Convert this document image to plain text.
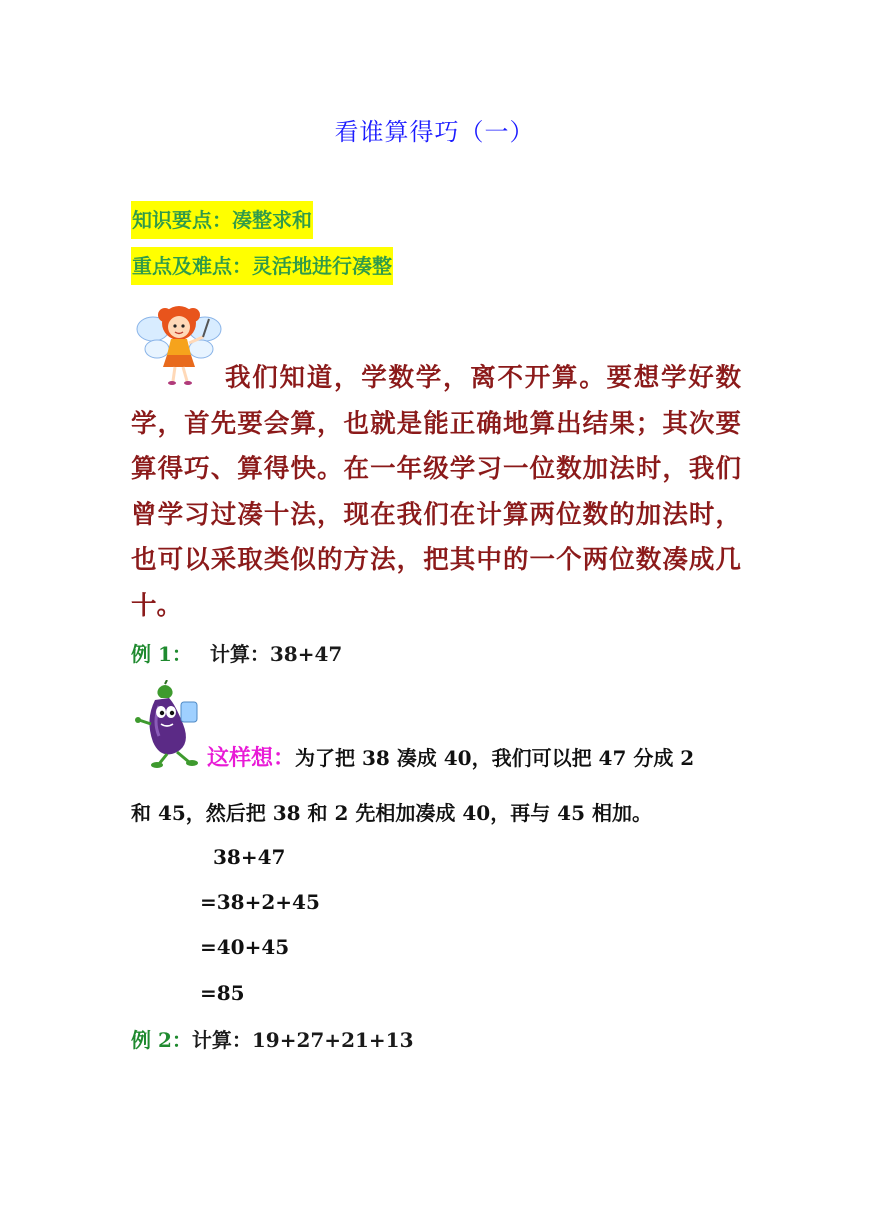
看谁算得巧（一）
知识要点：凑整求和
重点及难点：灵活地进行凑整

我们知道，学数学，离不开算。要想学好数学，首先要会算，也就是能正确地算出结果；其次要算得巧、算得快。在一年级学习一位数加法时，我们曾学习过凑十法，现在我们在计算两位数的加法时，也可以采取类似的方法，把其中的一个两位数凑成几十。

例 1： 计算：38+47
这样想：为了把 38 凑成 40，我们可以把 47 分成 2
和 45，然后把 38 和 2 先相加凑成 40，再与 45 相加。
38+47
=38+2+45
=40+45
=85
例 2：计算：19+27+21+13
